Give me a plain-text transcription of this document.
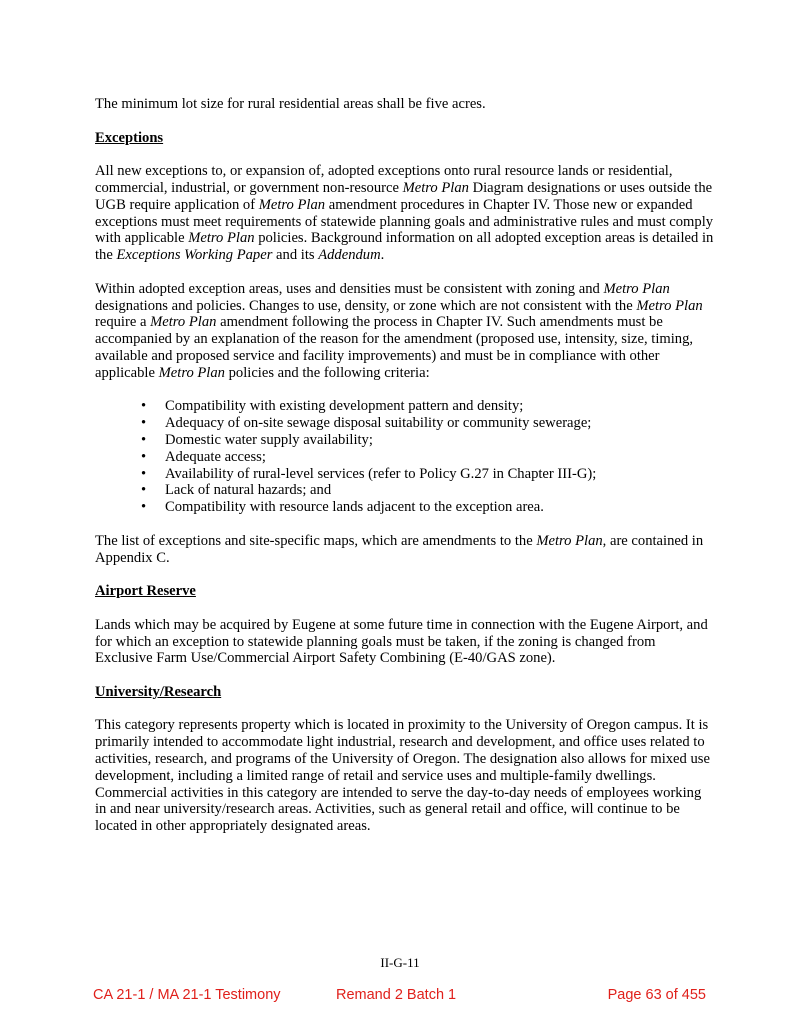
The minimum lot size for rural residential areas shall be five acres.

Exceptions

All new exceptions to, or expansion of, adopted exceptions onto rural resource lands or residential, commercial, industrial, or government non-resource Metro Plan Diagram designations or uses outside the UGB require application of Metro Plan amendment procedures in Chapter IV. Those new or expanded exceptions must meet requirements of statewide planning goals and administrative rules and must comply with applicable Metro Plan policies. Background information on all adopted exception areas is detailed in the Exceptions Working Paper and its Addendum.

Within adopted exception areas, uses and densities must be consistent with zoning and Metro Plan designations and policies. Changes to use, density, or zone which are not consistent with the Metro Plan require a Metro Plan amendment following the process in Chapter IV. Such amendments must be accompanied by an explanation of the reason for the amendment (proposed use, intensity, size, timing, available and proposed service and facility improvements) and must be in compliance with other applicable Metro Plan policies and the following criteria:

• Compatibility with existing development pattern and density;
• Adequacy of on-site sewage disposal suitability or community sewerage;
• Domestic water supply availability;
• Adequate access;
• Availability of rural-level services (refer to Policy G.27 in Chapter III-G);
• Lack of natural hazards; and
• Compatibility with resource lands adjacent to the exception area.

The list of exceptions and site-specific maps, which are amendments to the Metro Plan, are contained in Appendix C.

Airport Reserve

Lands which may be acquired by Eugene at some future time in connection with the Eugene Airport, and for which an exception to statewide planning goals must be taken, if the zoning is changed from Exclusive Farm Use/Commercial Airport Safety Combining (E-40/GAS zone).

University/Research

This category represents property which is located in proximity to the University of Oregon campus. It is primarily intended to accommodate light industrial, research and development, and office uses related to activities, research, and programs of the University of Oregon. The designation also allows for mixed use development, including a limited range of retail and service uses and multiple-family dwellings. Commercial activities in this category are intended to serve the day-to-day needs of employees working in and near university/research areas. Activities, such as general retail and office, will continue to be located in other appropriately designated areas.

II-G-11
CA 21-1 / MA 21-1 Testimony	Remand 2 Batch 1	Page 63 of 455
